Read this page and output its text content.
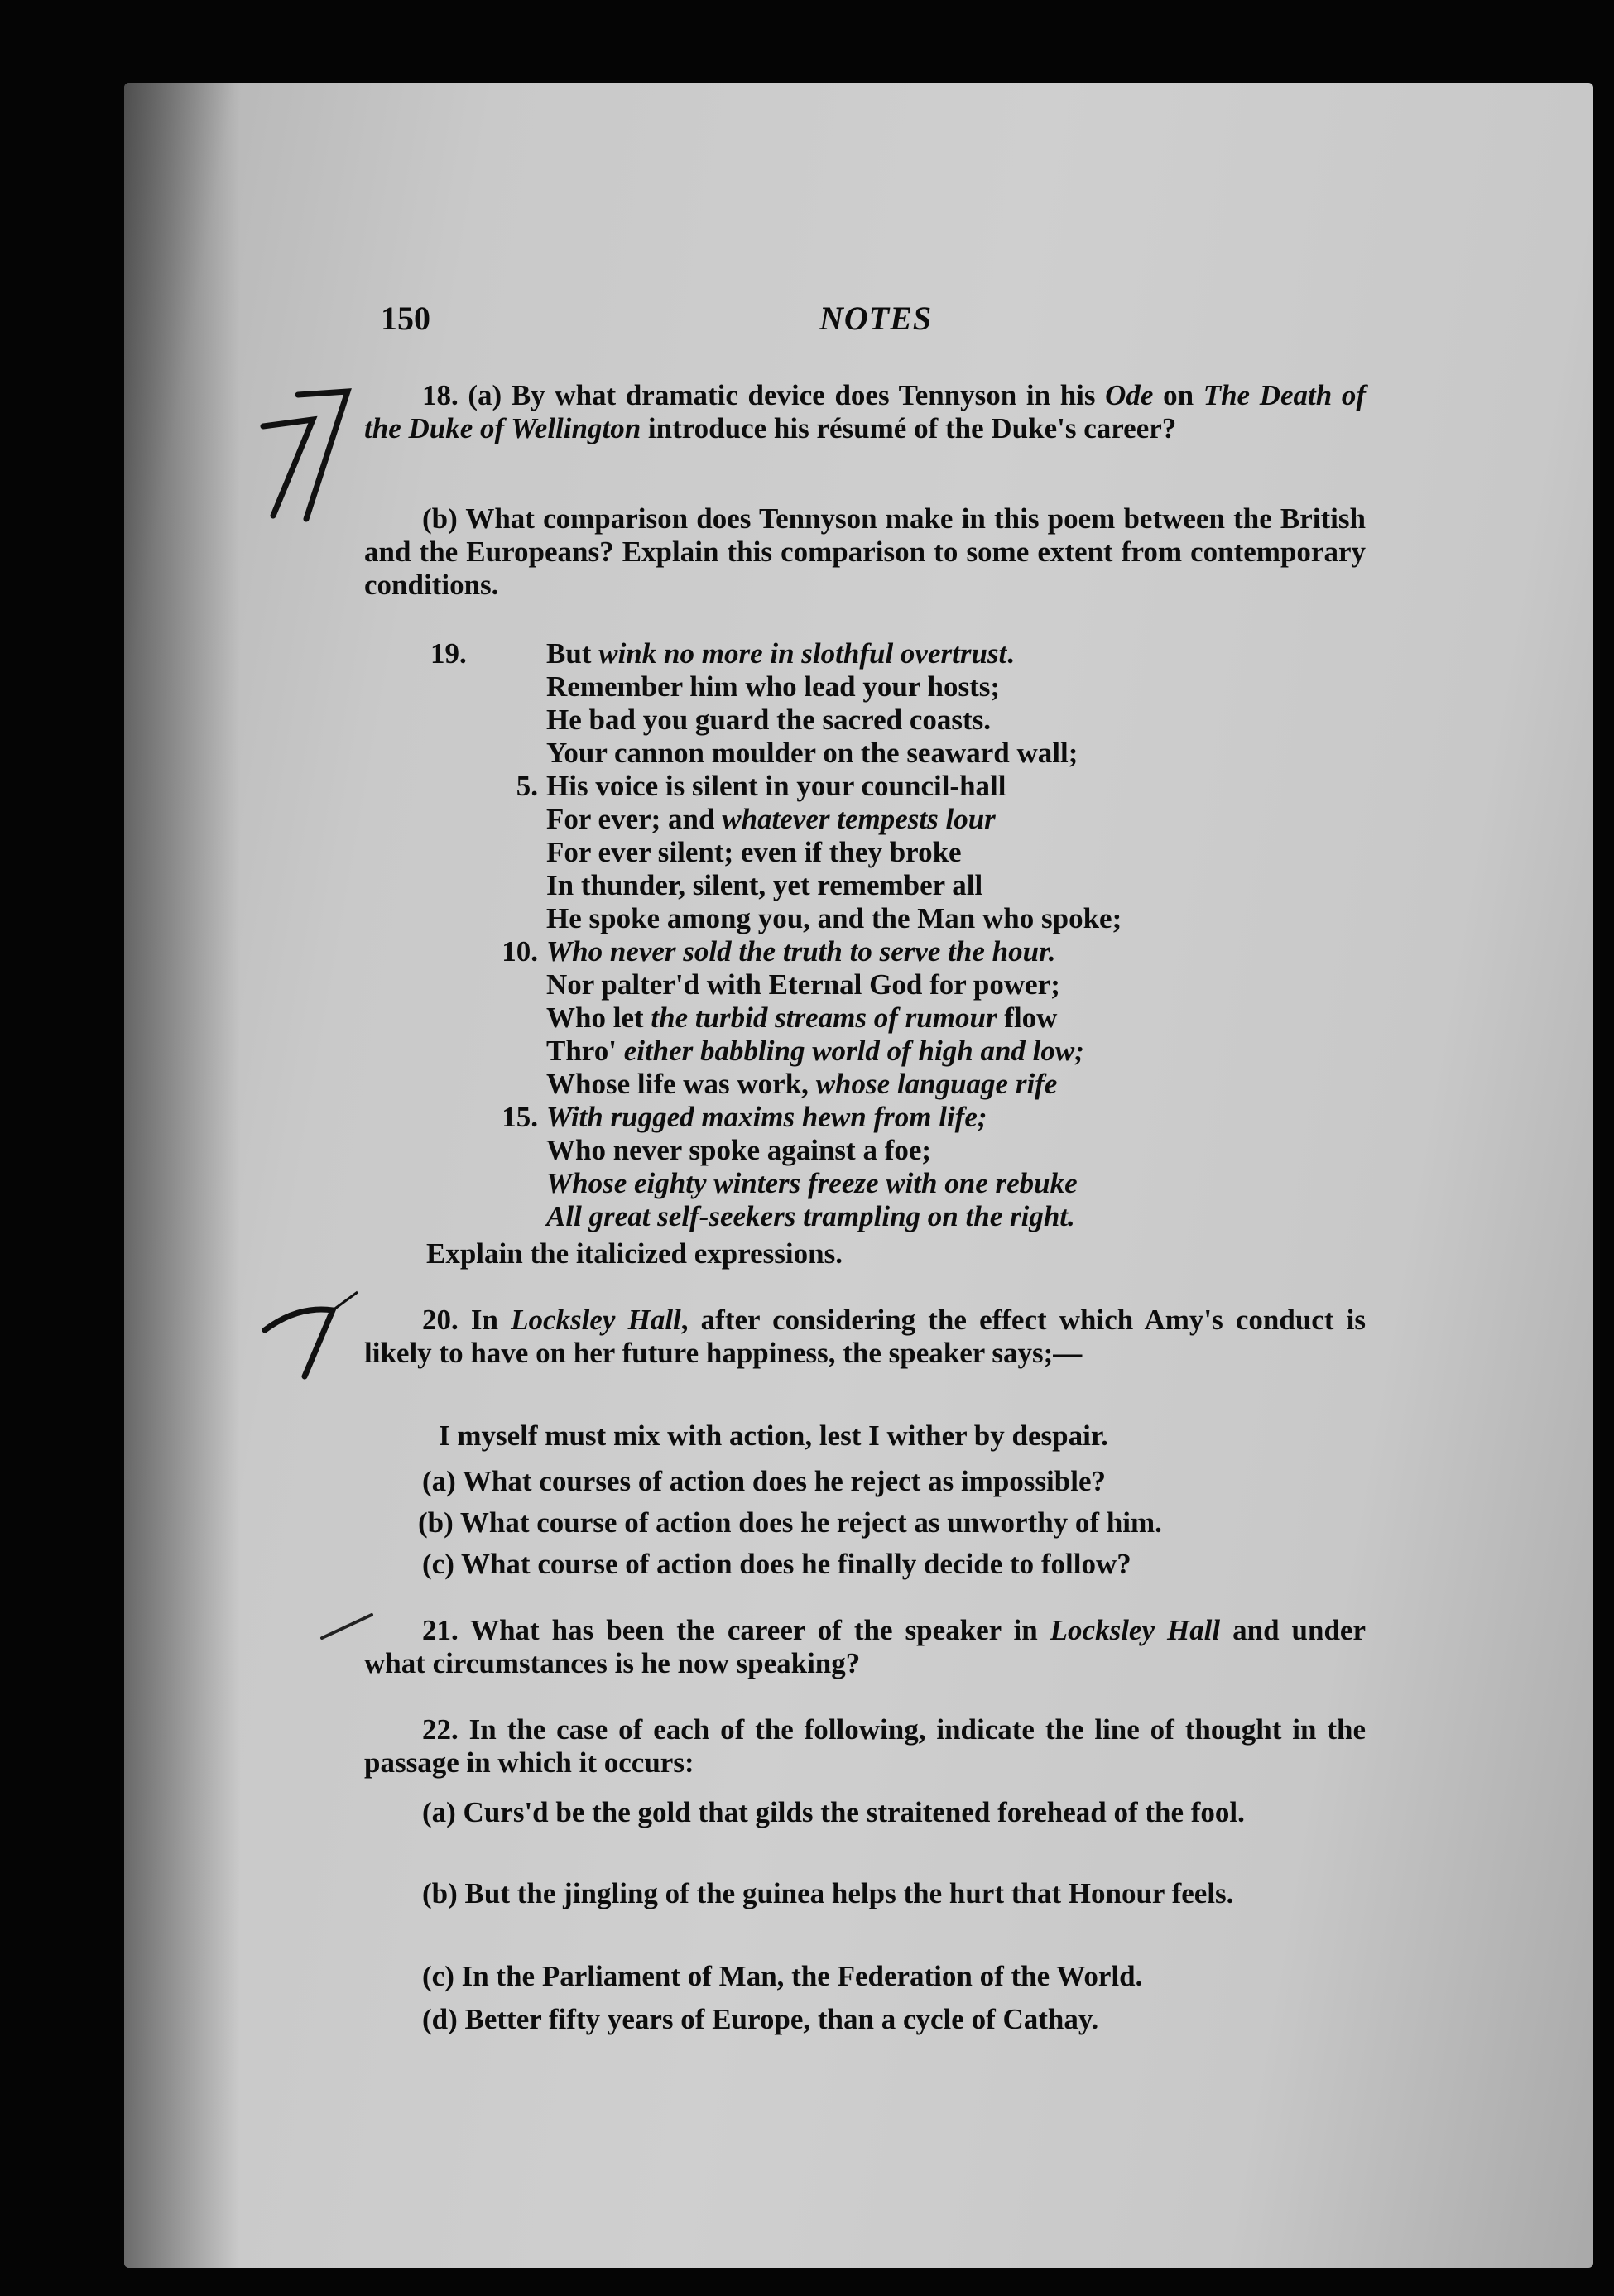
150	NOTES
18. (a) By what dramatic device does Tennyson in his Ode on The Death of the Duke of Wellington introduce his résumé of the Duke's career?
(b) What comparison does Tennyson make in this poem between the British and the Europeans? Explain this comparison to some extent from contemporary conditions.
19.	But wink no more in slothful overtrust.
Remember him who lead your hosts;
He bad you guard the sacred coasts.
Your cannon moulder on the seaward wall;
5. His voice is silent in your council-hall
For ever; and whatever tempests lour
For ever silent; even if they broke
In thunder, silent, yet remember all
He spoke among you, and the Man who spoke;
10. Who never sold the truth to serve the hour.
Nor palter'd with Eternal God for power;
Who let the turbid streams of rumour flow
Thro' either babbling world of high and low;
Whose life was work, whose language rife
15. With rugged maxims hewn from life;
Who never spoke against a foe;
Whose eighty winters freeze with one rebuke
All great self-seekers trampling on the right.
Explain the italicized expressions.
20. In Locksley Hall, after considering the effect which Amy's conduct is likely to have on her future happiness, the speaker says;—
I myself must mix with action, lest I wither by despair.
(a) What courses of action does he reject as impossible?
(b) What course of action does he reject as unworthy of him.
(c) What course of action does he finally decide to follow?
21. What has been the career of the speaker in Locksley Hall and under what circumstances is he now speaking?
22. In the case of each of the following, indicate the line of thought in the passage in which it occurs:
(a) Curs'd be the gold that gilds the straitened forehead of the fool.
(b) But the jingling of the guinea helps the hurt that Honour feels.
(c) In the Parliament of Man, the Federation of the World.
(d) Better fifty years of Europe, than a cycle of Cathay.
